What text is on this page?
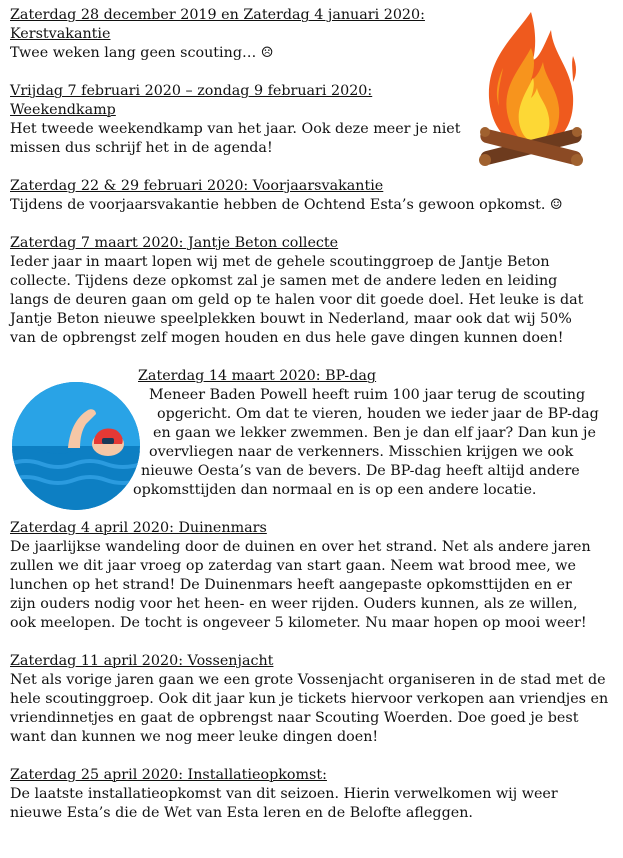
Zaterdag 28 december 2019 en Zaterdag 4 januari 2020:
Kerstvakantie

Twee weken lang geen scouting… ☹

Vrijdag 7 februari 2020 – zondag 9 februari 2020:
Weekendkamp

Het tweede weekendkamp van het jaar. Ook deze meer je niet missen dus schrijf het in de agenda!

Zaterdag 22 & 29 februari 2020: Voorjaarsvakantie

Tijdens de voorjaarsvakantie hebben de Ochtend Esta’s gewoon opkomst. ☺

Zaterdag 7 maart 2020: Jantje Beton collecte

Ieder jaar in maart lopen wij met de gehele scoutinggroep de Jantje Beton collecte. Tijdens deze opkomst zal je samen met de andere leden en leiding langs de deuren gaan om geld op te halen voor dit goede doel. Het leuke is dat Jantje Beton nieuwe speelplekken bouwt in Nederland, maar ook dat wij 50% van de opbrengst zelf mogen houden en dus hele gave dingen kunnen doen!

Zaterdag 14 maart 2020: BP-dag
Meneer Baden Powell heeft ruim 100 jaar terug de scouting
opgericht. Om dat te vieren, houden we ieder jaar de BP-dag
en gaan we lekker zwemmen. Ben je dan elf jaar? Dan kun je
overvliegen naar de verkenners. Misschien krijgen we ook
nieuwe Oesta’s van de bevers. De BP-dag heeft altijd andere
opkomsttijden dan normaal en is op een andere locatie.
Zaterdag 4 april 2020: Duinenmars

De jaarlijkse wandeling door de duinen en over het strand. Net als andere jaren zullen we dit jaar vroeg op zaterdag van start gaan. Neem wat brood mee, we lunchen op het strand! De Duinenmars heeft aangepaste opkomsttijden en er zijn ouders nodig voor het heen- en weer rijden. Ouders kunnen, als ze willen, ook meelopen. De tocht is ongeveer 5 kilometer. Nu maar hopen op mooi weer!

Zaterdag 11 april 2020: Vossenjacht

Net als vorige jaren gaan we een grote Vossenjacht organiseren in de stad met de hele scoutinggroep. Ook dit jaar kun je tickets hiervoor verkopen aan vriendjes en vriendinnetjes en gaat de opbrengst naar Scouting Woerden. Doe goed je best want dan kunnen we nog meer leuke dingen doen!

Zaterdag 25 april 2020: Installatieopkomst:

De laatste installatieopkomst van dit seizoen. Hierin verwelkomen wij weer nieuwe Esta’s die de Wet van Esta leren en de Belofte afleggen.
